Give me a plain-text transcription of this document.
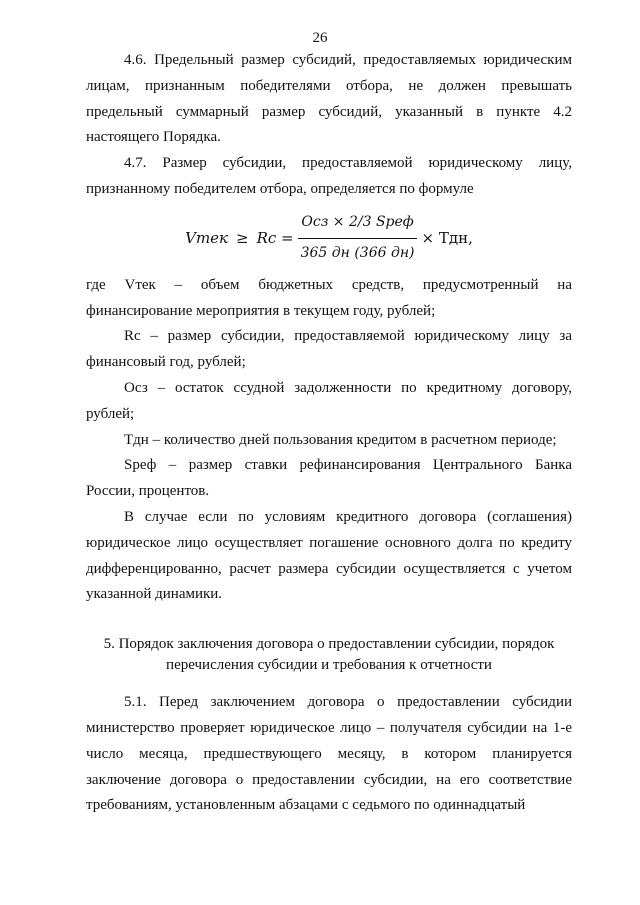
26

4.6. Предельный размер субсидий, предоставляемых юридическим лицам, признанным победителями отбора, не должен превышать предельный суммарный размер субсидий, указанный в пункте 4.2 настоящего Порядка.

4.7. Размер субсидии, предоставляемой юридическому лицу, признанному победителем отбора, определяется по формуле

Vтек ≥ $Rc = \frac{\text{Осз × 2/3 Sреф}}{365 дн (366 дн)}$ × Tдн,

где Vтек – объем бюджетных средств, предусмотренный на финансирование мероприятия в текущем году, рублей;

Rc – размер субсидии, предоставляемой юридическому лицу за финансовый год, рублей;

Осз – остаток ссудной задолженности по кредитному договору, рублей;

Тдн – количество дней пользования кредитом в расчетном периоде;

Sреф – размер ставки рефинансирования Центрального Банка России, процентов.

В случае если по условиям кредитного договора (соглашения) юридическое лицо осуществляет погашение основного долга по кредиту дифференцированно, расчет размера субсидии осуществляется с учетом указанной динамики.

5. Порядок заключения договора о предоставлении субсидии, порядок
перечисления субсидии и требования к отчетности

5.1. Перед заключением договора о предоставлении субсидии министерство проверяет юридическое лицо – получателя субсидии на 1-е число месяца, предшествующего месяцу, в котором планируется заключение договора о предоставлении субсидии, на его соответствие требованиям, установленным абзацами с седьмого по одиннадцатый
